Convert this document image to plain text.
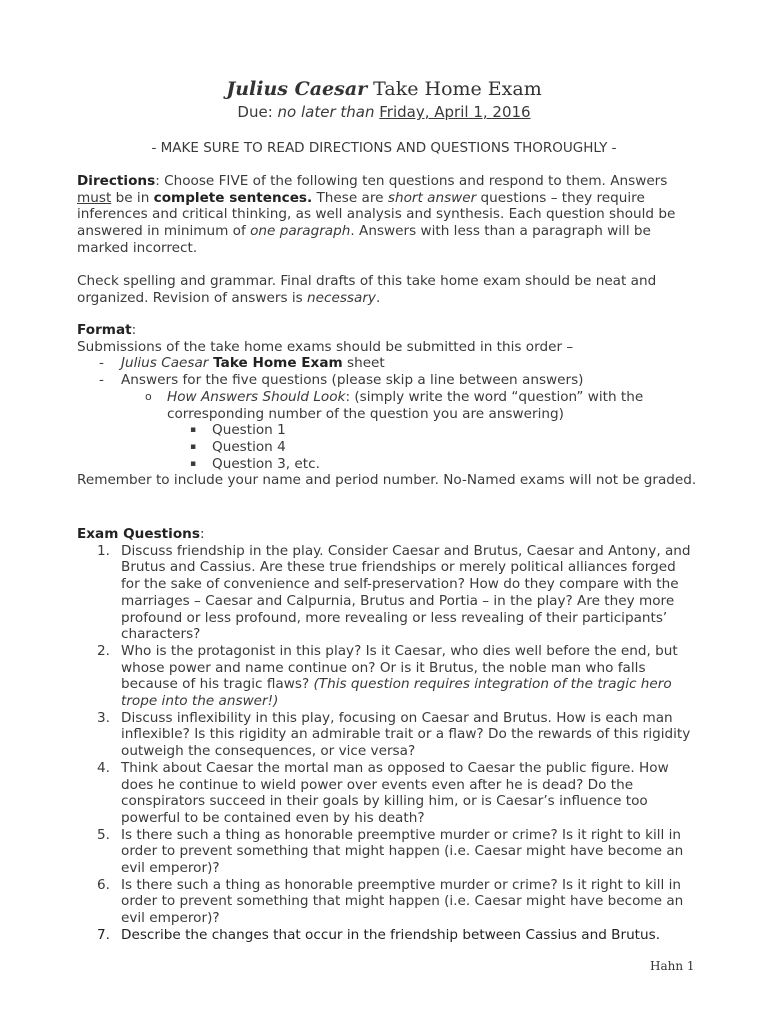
Julius Caesar Take Home Exam
Due: no later than Friday, April 1, 2016
- MAKE SURE TO READ DIRECTIONS AND QUESTIONS THOROUGHLY -

Directions: Choose FIVE of the following ten questions and respond to them. Answers must be in complete sentences. These are short answer questions – they require inferences and critical thinking, as well analysis and synthesis. Each question should be answered in minimum of one paragraph. Answers with less than a paragraph will be marked incorrect.

Check spelling and grammar. Final drafts of this take home exam should be neat and organized. Revision of answers is necessary.

Format:

Submissions of the take home exams should be submitted in this order –

- Julius Caesar Take Home Exam sheet
- Answers for the five questions (please skip a line between answers)
o How Answers Should Look: (simply write the word “question” with the corresponding number of the question you are answering)
▪ Question 1
▪ Question 4
▪ Question 3, etc.

Remember to include your name and period number. No-Named exams will not be graded.

Exam Questions:

1. Discuss friendship in the play. Consider Caesar and Brutus, Caesar and Antony, and Brutus and Cassius. Are these true friendships or merely political alliances forged for the sake of convenience and self-preservation? How do they compare with the marriages – Caesar and Calpurnia, Brutus and Portia – in the play? Are they more profound or less profound, more revealing or less revealing of their participants’ characters?
2. Who is the protagonist in this play? Is it Caesar, who dies well before the end, but whose power and name continue on? Or is it Brutus, the noble man who falls because of his tragic flaws? (This question requires integration of the tragic hero trope into the answer!)
3. Discuss inflexibility in this play, focusing on Caesar and Brutus. How is each man inflexible? Is this rigidity an admirable trait or a flaw? Do the rewards of this rigidity outweigh the consequences, or vice versa?
4. Think about Caesar the mortal man as opposed to Caesar the public figure. How does he continue to wield power over events even after he is dead? Do the conspirators succeed in their goals by killing him, or is Caesar’s influence too powerful to be contained even by his death?
5. Is there such a thing as honorable preemptive murder or crime? Is it right to kill in order to prevent something that might happen (i.e. Caesar might have become an evil emperor)?
6. Is there such a thing as honorable preemptive murder or crime? Is it right to kill in order to prevent something that might happen (i.e. Caesar might have become an evil emperor)?
7. Describe the changes that occur in the friendship between Cassius and Brutus.
Hahn 1
